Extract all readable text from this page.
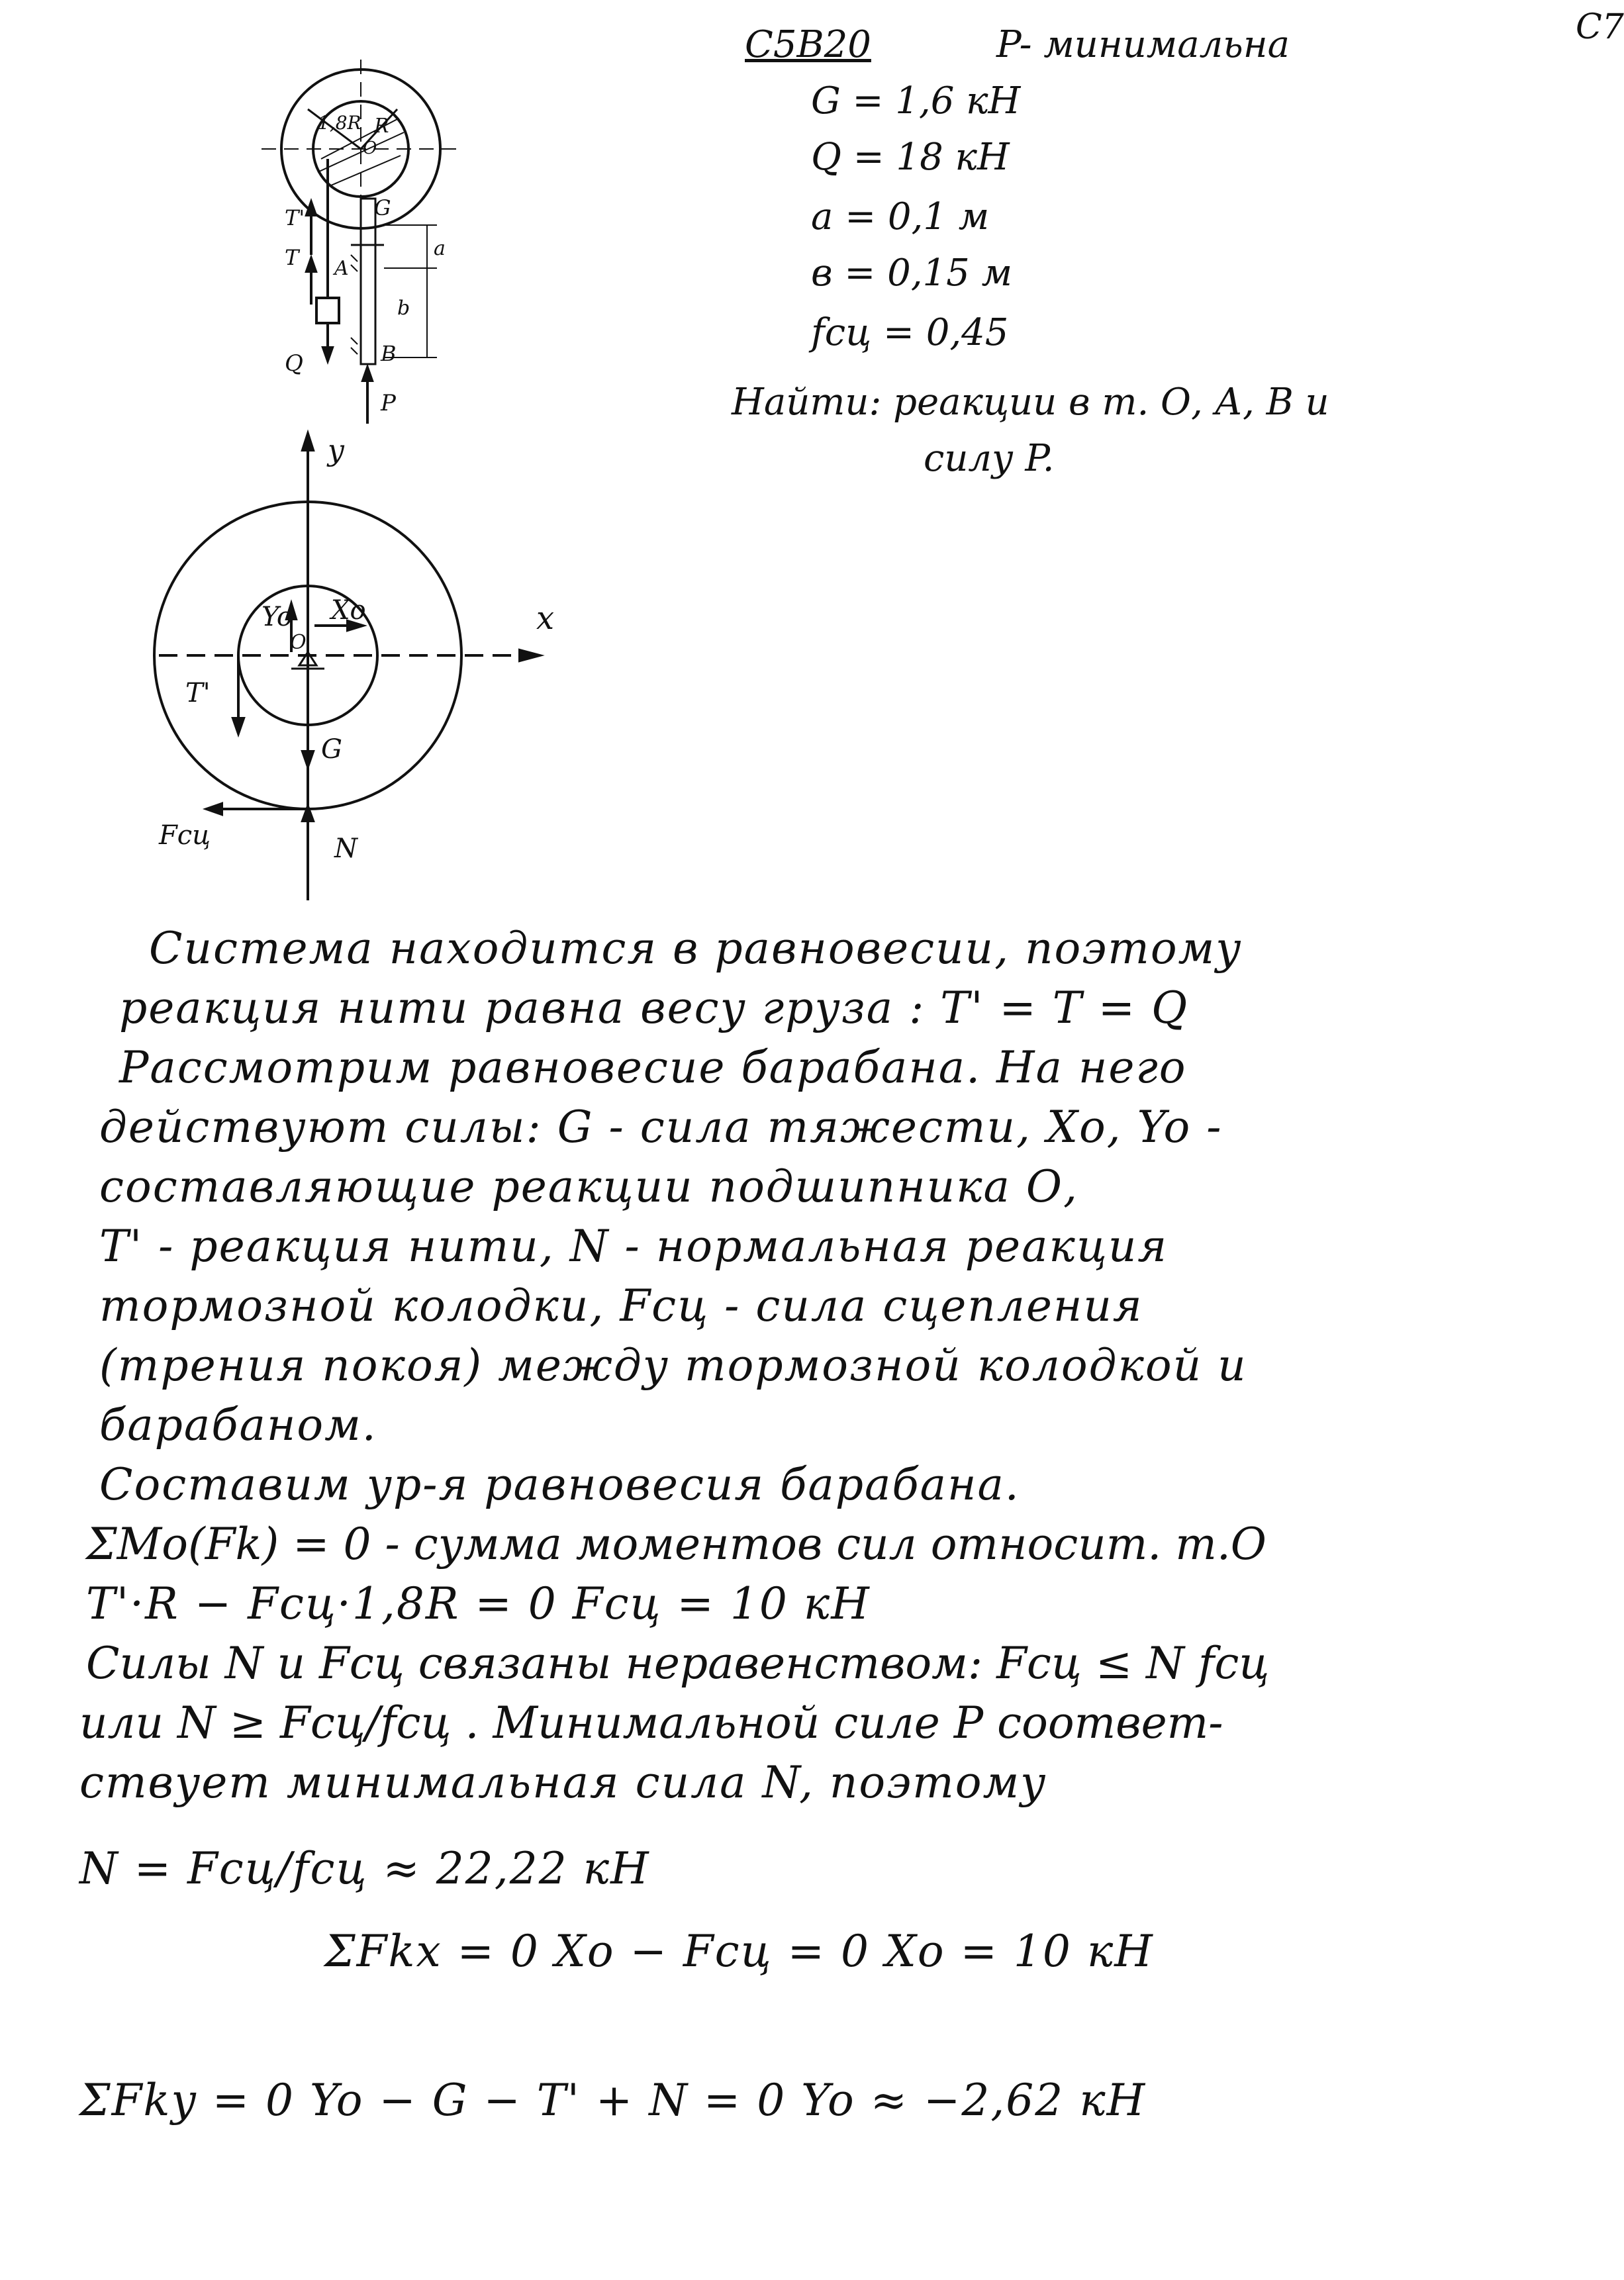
С7
С5В20	P- минимальна
G = 1,6 кН
Q = 18 кН
a = 0,1 м
в = 0,15 м
fсц = 0,45
Найти: реакции в т. О, А, В и
силу P.
1,8R R
O
G
T'
T A
Q	B
P
a
b
y
x
Yo Xo
O
T'
G
Fсц	N
Система находится в равновесии, поэтому
реакция нити равна весу груза : T' = T = Q
Рассмотрим равновесие барабана. На него
действуют силы: G - сила тяжести, Xo, Yo -
составляющие реакции подшипника О,
T' - реакция нити, N - нормальная реакция
тормозной колодки, Fсц - сила сцепления
(трения покоя) между тормозной колодкой и
барабаном.
Составим ур-я равновесия барабана.
ΣMo(Fk) = 0 - сумма моментов сил относит. т.О
T'·R − Fсц·1,8R = 0 Fсц = 10 кН
Силы N и Fсц связаны неравенством: Fсц ≤ N fсц
или N ≥ Fсц/fсц . Минимальной силе P соответ-
ствует минимальная сила N, поэтому
N = Fсц/fсц ≈ 22,22 кН
ΣFkx = 0 Xo − Fсц = 0 Xo = 10 кН
ΣFky = 0 Yo − G − T' + N = 0 Yo ≈ −2,62 кН
